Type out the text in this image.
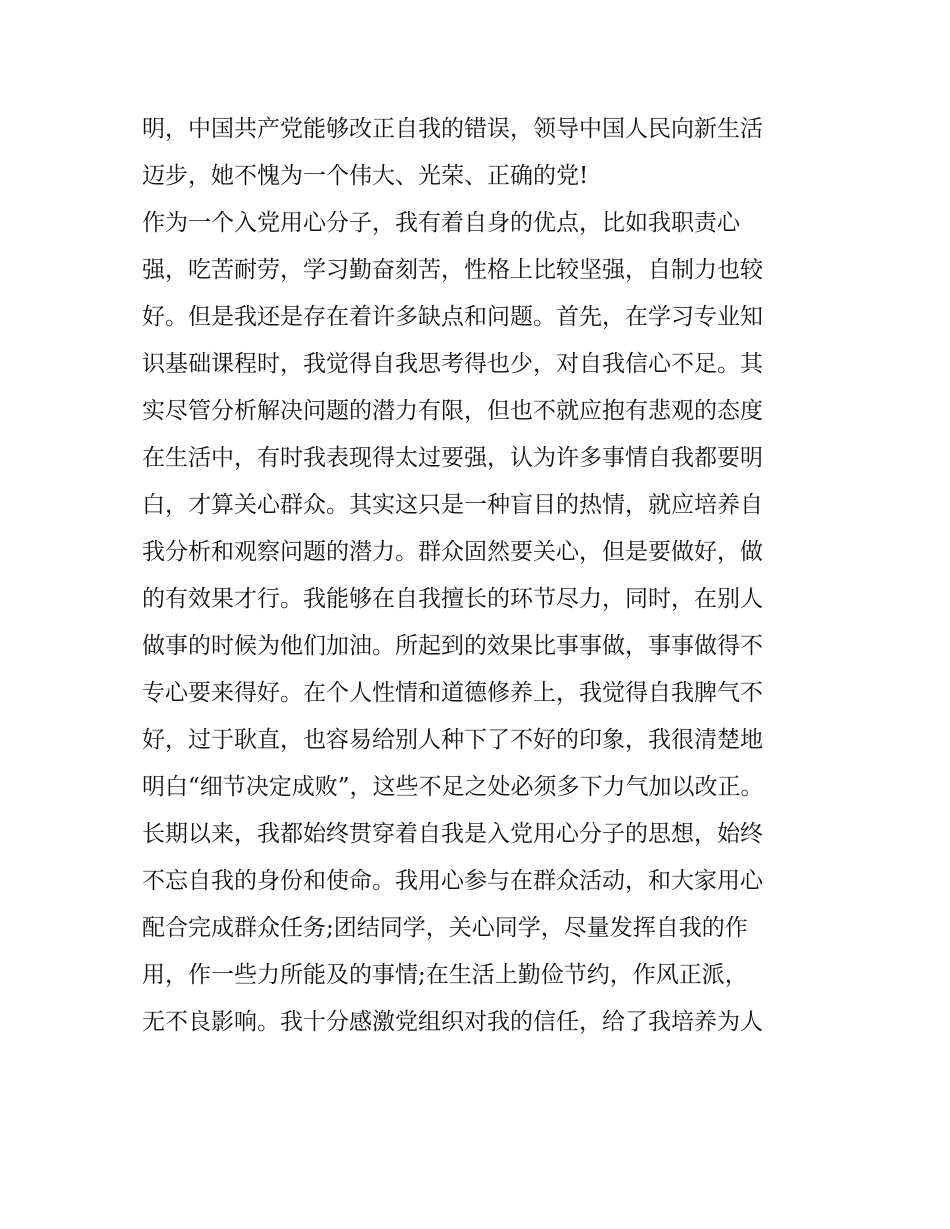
明，中国共产党能够改正自我的错误，领导中国人民向新生活
迈步，她不愧为一个伟大、光荣、正确的党!
作为一个入党用心分子，我有着自身的优点，比如我职责心
强，吃苦耐劳，学习勤奋刻苦，性格上比较坚强，自制力也较
好。但是我还是存在着许多缺点和问题。首先，在学习专业知
识基础课程时，我觉得自我思考得也少，对自我信心不足。其
实尽管分析解决问题的潜力有限，但也不就应抱有悲观的态度
在生活中，有时我表现得太过要强，认为许多事情自我都要明
白，才算关心群众。其实这只是一种盲目的热情，就应培养自
我分析和观察问题的潜力。群众固然要关心，但是要做好，做
的有效果才行。我能够在自我擅长的环节尽力，同时，在别人
做事的时候为他们加油。所起到的效果比事事做，事事做得不
专心要来得好。在个人性情和道德修养上，我觉得自我脾气不
好，过于耿直，也容易给别人种下了不好的印象，我很清楚地
明白“细节决定成败”，这些不足之处必须多下力气加以改正。
长期以来，我都始终贯穿着自我是入党用心分子的思想，始终
不忘自我的身份和使命。我用心参与在群众活动，和大家用心
配合完成群众任务;团结同学，关心同学，尽量发挥自我的作
用，作一些力所能及的事情;在生活上勤俭节约，作风正派，
无不良影响。我十分感激党组织对我的信任，给了我培养为人
